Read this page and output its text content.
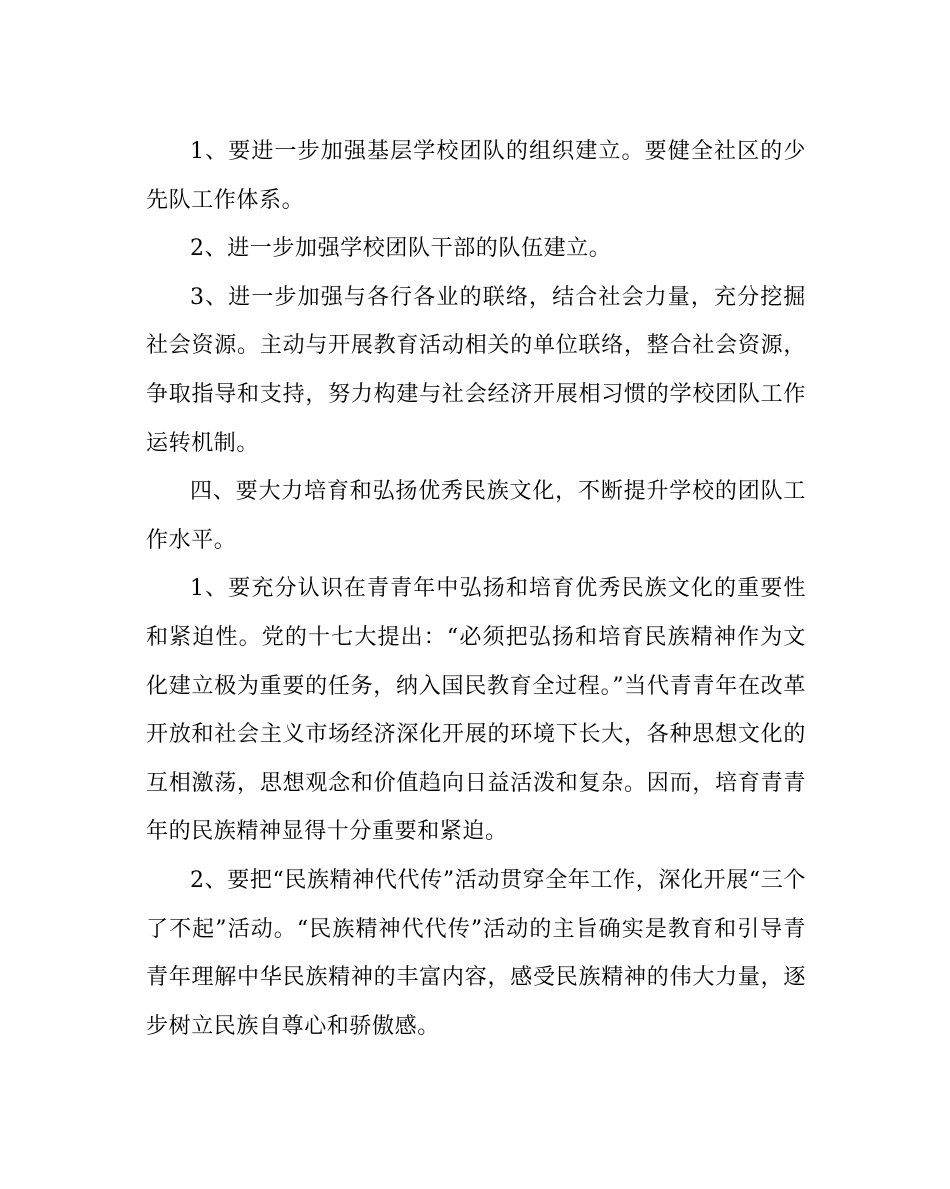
1、要进一步加强基层学校团队的组织建立。要健全社区的少先队工作体系。

2、进一步加强学校团队干部的队伍建立。

3、进一步加强与各行各业的联络，结合社会力量，充分挖掘社会资源。主动与开展教育活动相关的单位联络，整合社会资源，争取指导和支持，努力构建与社会经济开展相习惯的学校团队工作运转机制。

四、要大力培育和弘扬优秀民族文化，不断提升学校的团队工作水平。

1、要充分认识在青青年中弘扬和培育优秀民族文化的重要性和紧迫性。党的十七大提出：“必须把弘扬和培育民族精神作为文化建立极为重要的任务，纳入国民教育全过程。”当代青青年在改革开放和社会主义市场经济深化开展的环境下长大，各种思想文化的互相激荡，思想观念和价值趋向日益活泼和复杂。因而，培育青青年的民族精神显得十分重要和紧迫。

2、要把“民族精神代代传”活动贯穿全年工作，深化开展“三个了不起”活动。“民族精神代代传”活动的主旨确实是教育和引导青青年理解中华民族精神的丰富内容，感受民族精神的伟大力量，逐步树立民族自尊心和骄傲感。
